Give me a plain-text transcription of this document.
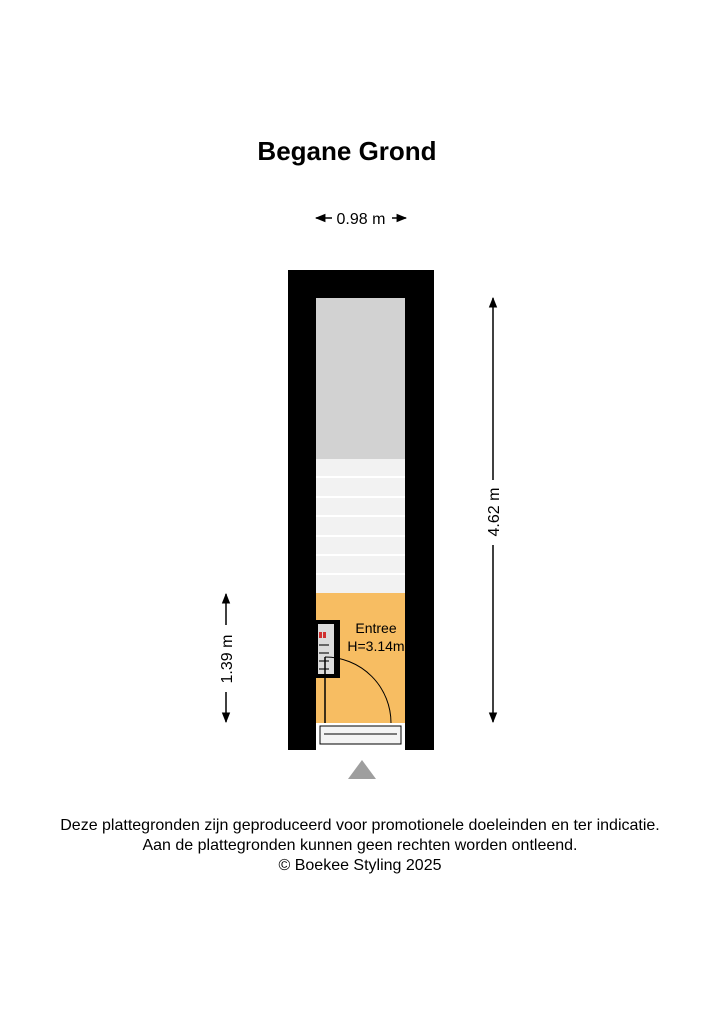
Begane Grond
0.98 m
Entree
H=3.14m
4.62 m
1.39 m
Deze plattegronden zijn geproduceerd voor promotionele doeleinden en ter indicatie.
Aan de plattegronden kunnen geen rechten worden ontleend.
© Boekee Styling 2025
